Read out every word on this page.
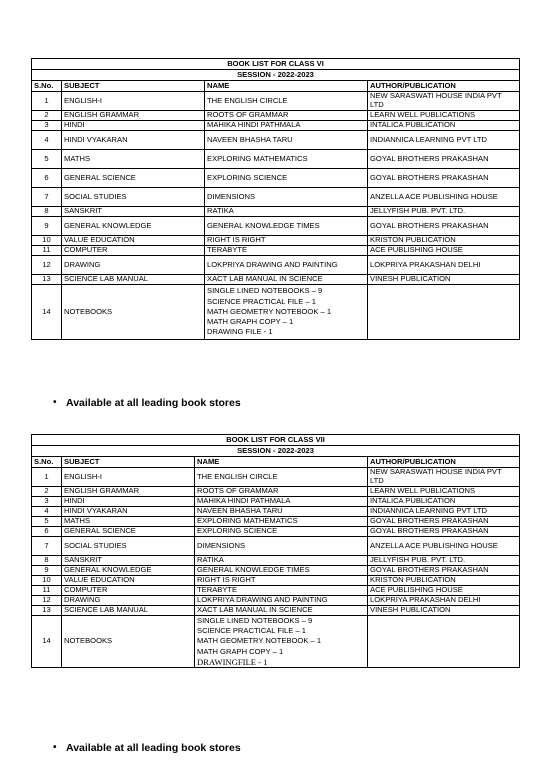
BOOK LIST FOR CLASS VI			
SESSION - 2022-2023			
S.No.	SUBJECT	NAME	AUTHOR/PUBLICATION
1	ENGLISH-I	THE ENGLISH CIRCLE	NEW SARASWATI HOUSE INDIA PVT LTD
2	ENGLISH GRAMMAR	ROOTS OF GRAMMAR	LEARN WELL PUBLICATIONS
3	HINDI	MAHIKA HINDI PATHMALA	INTALICA PUBLICATION
4	HINDI VYAKARAN	NAVEEN BHASHA TARU	INDIANNICA LEARNING PVT LTD
5	MATHS	EXPLORING MATHEMATICS	GOYAL BROTHERS PRAKASHAN
6	GENERAL SCIENCE	EXPLORING SCIENCE	GOYAL BROTHERS PRAKASHAN
7	SOCIAL STUDIES	DIMENSIONS	ANZELLA ACE PUBLISHING HOUSE
8	SANSKRIT	RATIKA	JELLYFISH PUB. PVT. LTD.
9	GENERAL KNOWLEDGE	GENERAL KNOWLEDGE TIMES	GOYAL BROTHERS PRAKASHAN
10	VALUE EDUCATION	RIGHT IS RIGHT	KRISTON PUBLICATION
11	COMPUTER	TERABYTE	ACE PUBLISHING HOUSE
12	DRAWING	LOKPRIYA DRAWING AND PAINTING	LOKPRIYA PRAKASHAN DELHI
13	SCIENCE LAB MANUAL	XACT LAB MANUAL IN SCIENCE	VINESH PUBLICATION
14	NOTEBOOKS	SINGLE LINED NOTEBOOKS – 9
SCIENCE PRACTICAL FILE – 1
MATH GEOMETRY NOTEBOOK – 1
MATH GRAPH COPY – 1
DRAWING FILE - 1	

• Available at all leading book stores
BOOK LIST FOR CLASS VII			
SESSION - 2022-2023			
S.No.	SUBJECT	NAME	AUTHOR/PUBLICATION
1	ENGLISH-I	THE ENGLISH CIRCLE	NEW SARASWATI HOUSE INDIA PVT LTD
2	ENGLISH GRAMMAR	ROOTS OF GRAMMAR	LEARN WELL PUBLICATIONS
3	HINDI	MAHIKA HINDI PATHMALA	INTALICA PUBLICATION
4	HINDI VYAKARAN	NAVEEN BHASHA TARU	INDIANNICA LEARNING PVT LTD
5	MATHS	EXPLORING MATHEMATICS	GOYAL BROTHERS PRAKASHAN
6	GENERAL SCIENCE	EXPLORING SCIENCE	GOYAL BROTHERS PRAKASHAN
7	SOCIAL STUDIES	DIMENSIONS	ANZELLA ACE PUBLISHING HOUSE
8	SANSKRIT	RATIKA	JELLYFISH PUB. PVT. LTD.
9	GENERAL KNOWLEDGE	GENERAL KNOWLEDGE TIMES	GOYAL BROTHERS PRAKASHAN
10	VALUE EDUCATION	RIGHT IS RIGHT	KRISTON PUBLICATION
11	COMPUTER	TERABYTE	ACE PUBLISHING HOUSE
12	DRAWING	LOKPRIYA DRAWING AND PAINTING	LOKPRIYA PRAKASHAN DELHI
13	SCIENCE LAB MANUAL	XACT LAB MANUAL IN SCIENCE	VINESH PUBLICATION
14	NOTEBOOKS	SINGLE LINED NOTEBOOKS – 9
SCIENCE PRACTICAL FILE – 1
MATH GEOMETRY NOTEBOOK – 1
MATH GRAPH COPY – 1
DRAWINGFILE - 1	

• Available at all leading book stores
